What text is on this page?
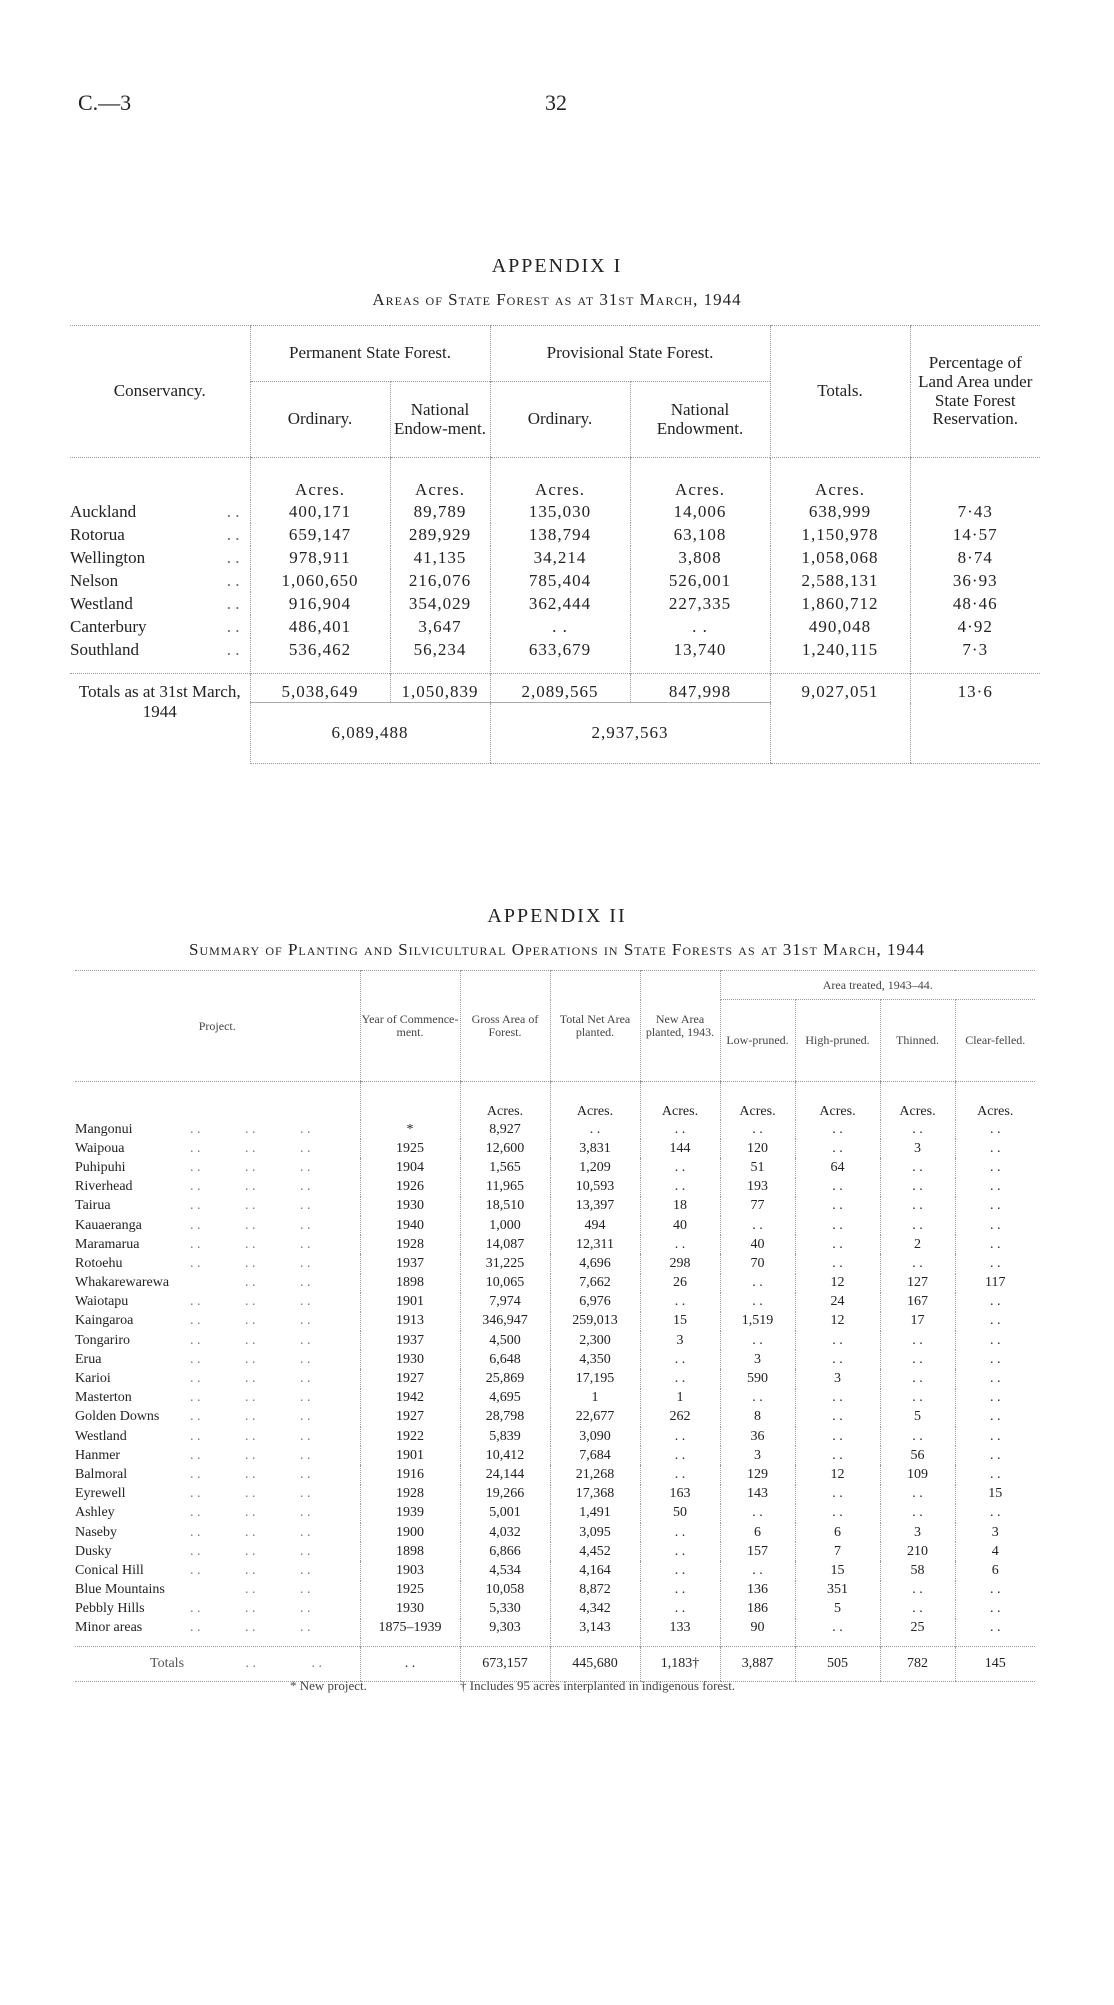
C.—3	32
APPENDIX I
Areas of State Forest as at 31st March, 1944
Conservancy.	Permanent State Forest.		Provisional State Forest.		Totals.	Percentage of Land Area under State Forest Reservation.
	Ordinary.	National Endow-ment.	Ordinary.	National Endowment.		
	Acres.	Acres.	Acres.	Acres.	Acres.	

Auckland . .	400,171	89,789	135,030	14,006	638,999	7·43

Rotorua . .	659,147	289,929	138,794	63,108	1,150,978	14·57

Wellington . .	978,911	41,135	34,214	3,808	1,058,068	8·74

Nelson . .	1,060,650	216,076	785,404	526,001	2,588,131	36·93

Westland . .	916,904	354,029	362,444	227,335	1,860,712	48·46

Canterbury . .	486,401	3,647	. .	. .	490,048	4·92

Southland . .	536,462	56,234	633,679	13,740	1,240,115	7·3

Totals as at 31st March, 1944	5,038,649	1,050,839	2,089,565	847,998	9,027,051	13·6
	6,089,488		2,937,563			
APPENDIX II
Summary of Planting and Silvicultural Operations in State Forests as at 31st March, 1944
Project.	Year of Commence-ment.	Gross Area of Forest.	Total Net Area planted.	New Area planted, 1943.	Area treated, 1943–44.			
					Low-pruned.	High-pruned.	Thinned.	Clear-felled.
		Acres.	Acres.	Acres.	Acres.	Acres.	Acres.	Acres.
Mangonui . . . . . .	*	8,927	. .	. .	. .	. .	. .	. .
Waipoua . . . . . .	1925	12,600	3,831	144	120	. .	3	. .
Puhipuhi . . . . . .	1904	1,565	1,209	. .	51	64	. .	. .
Riverhead . . . . . .	1926	11,965	10,593	. .	193	. .	. .	. .
Tairua . . . . . .	1930	18,510	13,397	18	77	. .	. .	. .
Kauaeranga . . . . . .	1940	1,000	494	40	. .	. .	. .	. .
Maramarua . . . . . .	1928	14,087	12,311	. .	40	. .	2	. .
Rotoehu . . . . . .	1937	31,225	4,696	298	70	. .	. .	. .
Whakarewarewa . . . .	1898	10,065	7,662	26	. .	12	127	117
Waiotapu . . . . . .	1901	7,974	6,976	. .	. .	24	167	. .
Kaingaroa . . . . . .	1913	346,947	259,013	15	1,519	12	17	. .
Tongariro . . . . . .	1937	4,500	2,300	3	. .	. .	. .	. .
Erua . . . . . .	1930	6,648	4,350	. .	3	. .	. .	. .
Karioi . . . . . .	1927	25,869	17,195	. .	590	3	. .	. .
Masterton . . . . . .	1942	4,695	1	1	. .	. .	. .	. .
Golden Downs . . . . . .	1927	28,798	22,677	262	8	. .	5	. .
Westland . . . . . .	1922	5,839	3,090	. .	36	. .	. .	. .
Hanmer . . . . . .	1901	10,412	7,684	. .	3	. .	56	. .
Balmoral . . . . . .	1916	24,144	21,268	. .	129	12	109	. .
Eyrewell . . . . . .	1928	19,266	17,368	163	143	. .	. .	15
Ashley . . . . . .	1939	5,001	1,491	50	. .	. .	. .	. .
Naseby . . . . . .	1900	4,032	3,095	. .	6	6	3	3
Dusky . . . . . .	1898	6,866	4,452	. .	157	7	210	4
Conical Hill . . . . . .	1903	4,534	4,164	. .	. .	15	58	6
Blue Mountains . . . .	1925	10,058	8,872	. .	136	351	. .	. .
Pebbly Hills . . . . . .	1930	5,330	4,342	. .	186	5	. .	. .
Minor areas . . . . . .	1875–1939	9,303	3,143	133	90	. .	25	. .

Totals . . . .	. .	673,157	445,680	1,183†	3,887	505	782	145
* New project.	† Includes 95 acres interplanted in indigenous forest.
